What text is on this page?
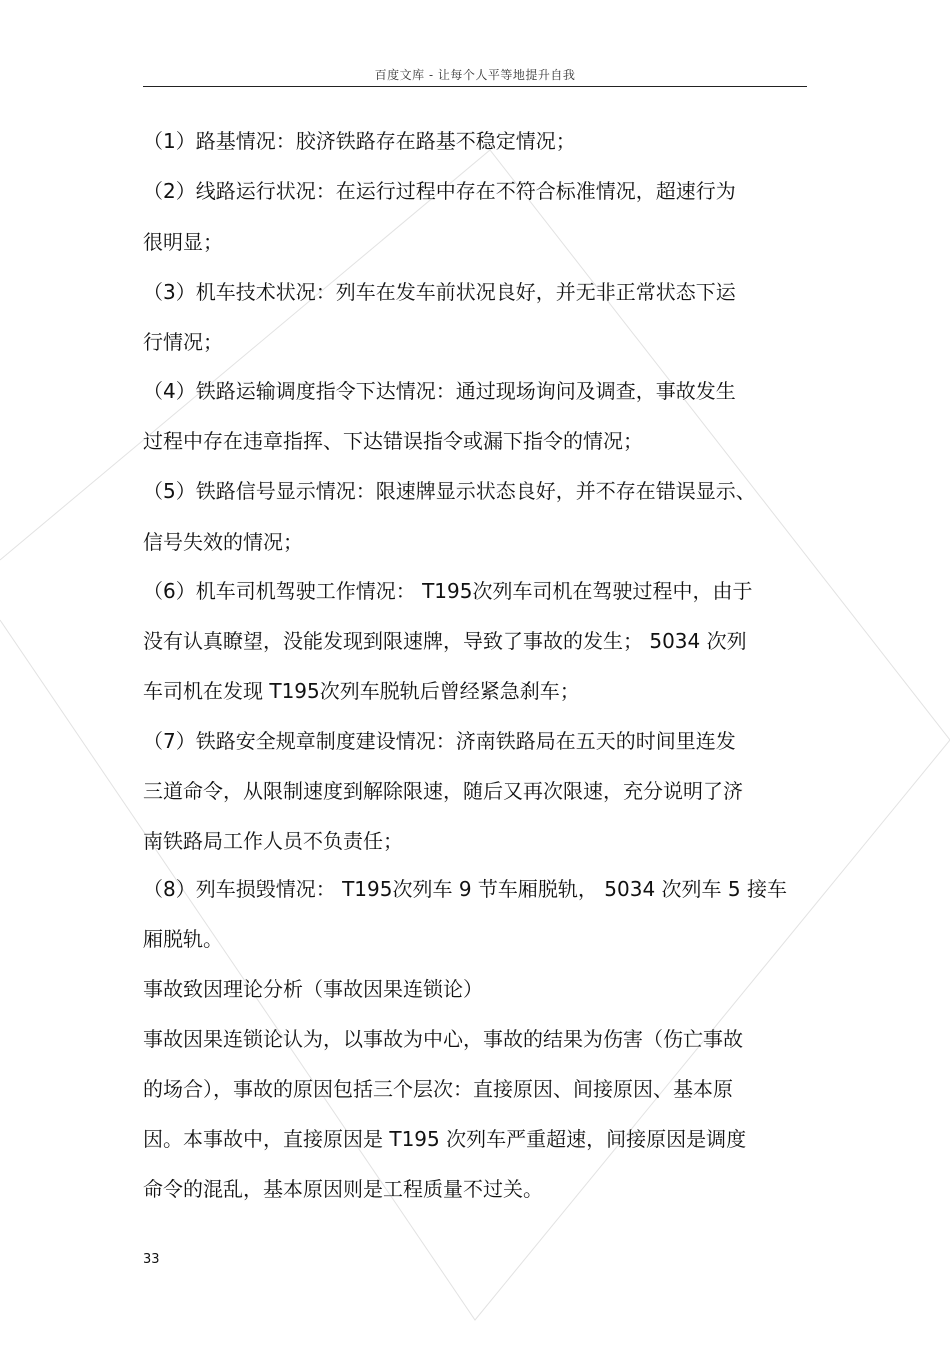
百度文库 - 让每个人平等地提升自我
（1）路基情况：胶济铁路存在路基不稳定情况；
（2）线路运行状况：在运行过程中存在不符合标准情况，超速行为
很明显；
（3）机车技术状况：列车在发车前状况良好，并无非正常状态下运
行情况；
（4）铁路运输调度指令下达情况：通过现场询问及调查，事故发生
过程中存在违章指挥、下达错误指令或漏下指令的情况；
（5）铁路信号显示情况：限速牌显示状态良好，并不存在错误显示、
信号失效的情况；
（6）机车司机驾驶工作情况： T195次列车司机在驾驶过程中，由于
没有认真瞭望，没能发现到限速牌，导致了事故的发生； 5034 次列
车司机在发现 T195次列车脱轨后曾经紧急刹车；
（7）铁路安全规章制度建设情况：济南铁路局在五天的时间里连发
三道命令，从限制速度到解除限速，随后又再次限速，充分说明了济
南铁路局工作人员不负责任；
（8）列车损毁情况： T195次列车 9 节车厢脱轨， 5034 次列车 5 接车
厢脱轨。
事故致因理论分析（事故因果连锁论）
事故因果连锁论认为，以事故为中心，事故的结果为伤害（伤亡事故
的场合），事故的原因包括三个层次：直接原因、间接原因、基本原
因。本事故中，直接原因是 T195 次列车严重超速，间接原因是调度
命令的混乱，基本原因则是工程质量不过关。
33
